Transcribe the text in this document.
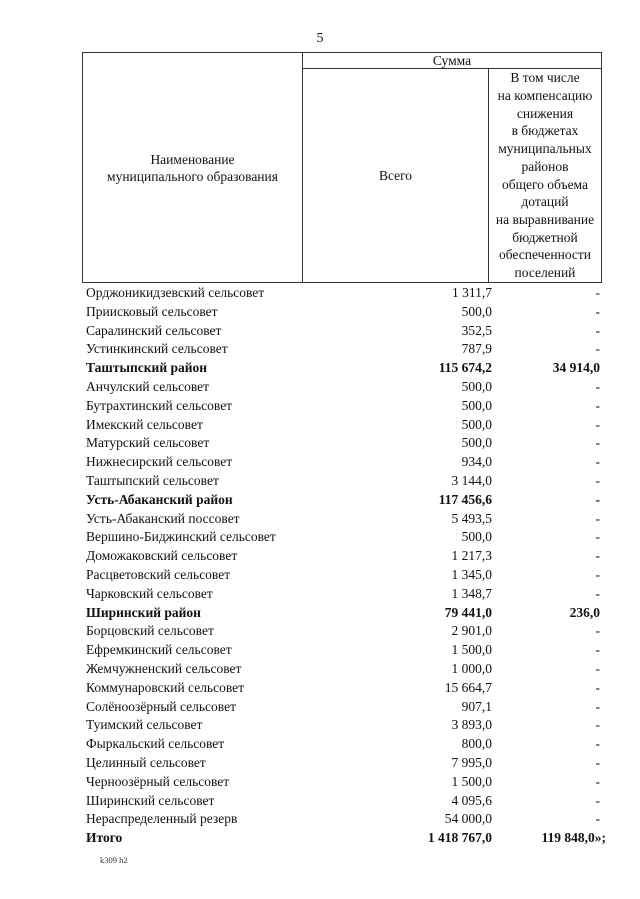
5
Наименование
муниципального образования
Сумма
Всего
В том числе
на компенсацию
снижения
в бюджетах
муниципальных
районов
общего объема
дотаций
на выравнивание
бюджетной
обеспеченности
поселений
Орджоникидзевский сельсовет	1 311,7	-
Приисковый сельсовет	500,0	-
Саралинский сельсовет	352,5	-
Устинкинский сельсовет	787,9	-
Таштыпский район	115 674,2	34 914,0
Анчулский сельсовет	500,0	-
Бутрахтинский сельсовет	500,0	-
Имекский сельсовет	500,0	-
Матурский сельсовет	500,0	-
Нижнесирский сельсовет	934,0	-
Таштыпский сельсовет	3 144,0	-
Усть-Абаканский район	117 456,6	-
Усть-Абаканский поссовет	5 493,5	-
Вершино-Биджинский сельсовет	500,0	-
Доможаковский сельсовет	1 217,3	-
Расцветовский сельсовет	1 345,0	-
Чарковский сельсовет	1 348,7	-
Ширинский район	79 441,0	236,0
Борцовский сельсовет	2 901,0	-
Ефремкинский сельсовет	1 500,0	-
Жемчужненский сельсовет	1 000,0	-
Коммунаровский сельсовет	15 664,7	-
Солёноозёрный сельсовет	907,1	-
Туимский сельсовет	3 893,0	-
Фыркальский сельсовет	800,0	-
Целинный сельсовет	7 995,0	-
Черноозёрный сельсовет	1 500,0	-
Ширинский сельсовет	4 095,6	-
Нераспределенный резерв	54 000,0	-
Итого	1 418 767,0	119 848,0»;
k309 h2
